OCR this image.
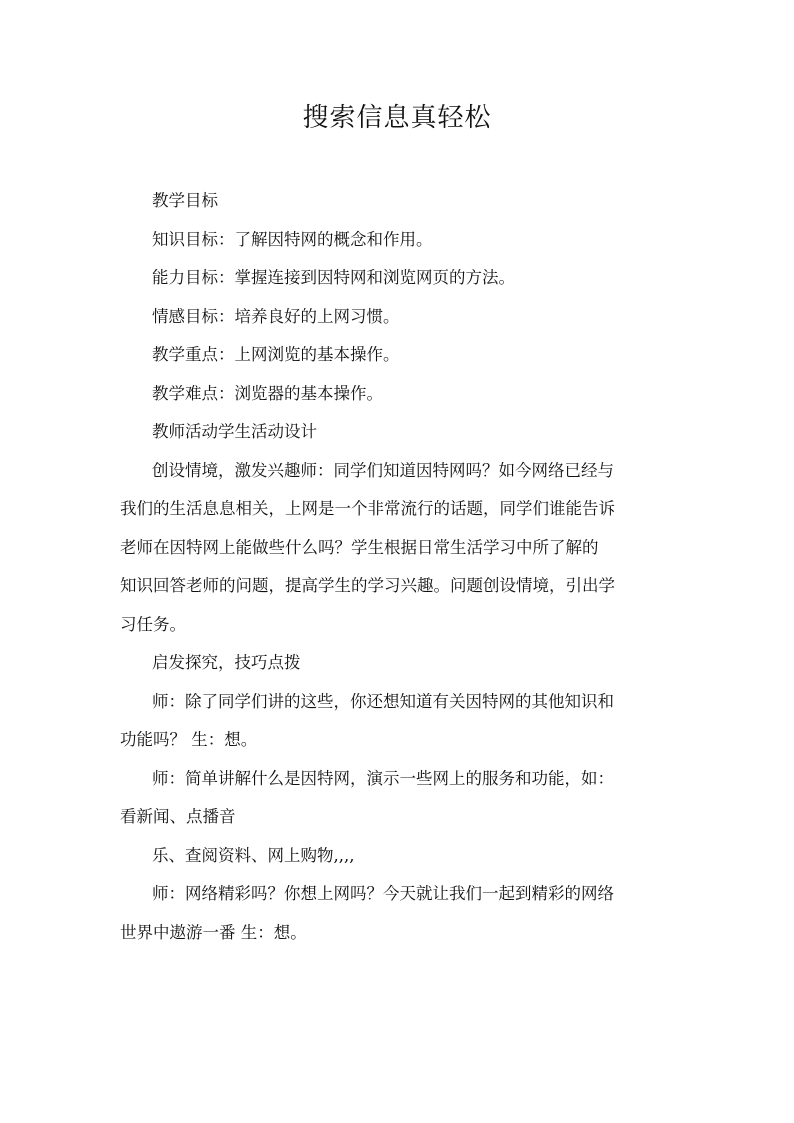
搜索信息真轻松

教学目标

知识目标：了解因特网的概念和作用。

能力目标：掌握连接到因特网和浏览网页的方法。

情感目标：培养良好的上网习惯。

教学重点：上网浏览的基本操作。

教学难点：浏览器的基本操作。

教师活动学生活动设计

创设情境，激发兴趣师：同学们知道因特网吗？如今网络已经与

我们的生活息息相关，上网是一个非常流行的话题，同学们谁能告诉

老师在因特网上能做些什么吗？学生根据日常生活学习中所了解的

知识回答老师的问题，提高学生的学习兴趣。问题创设情境，引出学

习任务。

启发探究，技巧点拨

师：除了同学们讲的这些，你还想知道有关因特网的其他知识和

功能吗？ 生：想。

师：简单讲解什么是因特网，演示一些网上的服务和功能，如：

看新闻、点播音

乐、查阅资料、网上购物,,,,

师：网络精彩吗？你想上网吗？今天就让我们一起到精彩的网络

世界中遨游一番 生：想。
